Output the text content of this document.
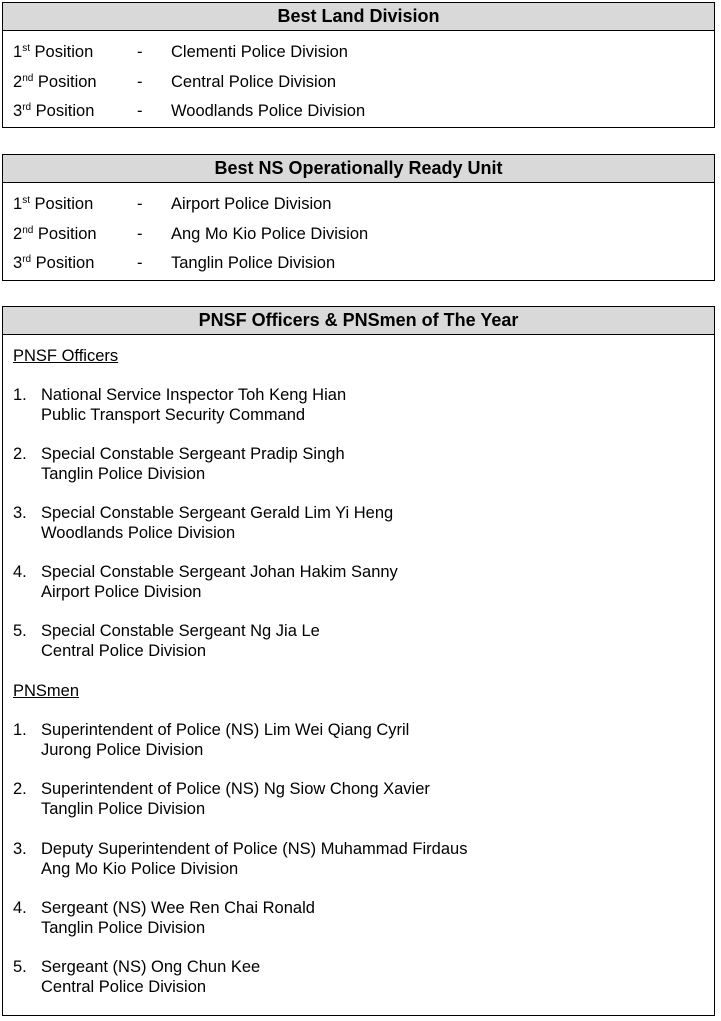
Best Land Division
1st Position	- Clementi Police Division
2nd Position - Central Police Division
3rd Position	- Woodlands Police Division
Best NS Operationally Ready Unit
1st Position	- Airport Police Division
2nd Position - Ang Mo Kio Police Division
3rd Position	- Tanglin Police Division
PNSF Officers & PNSmen of The Year
PNSF Officers
1. National Service Inspector Toh Keng Hian
Public Transport Security Command
2. Special Constable Sergeant Pradip Singh
Tanglin Police Division
3. Special Constable Sergeant Gerald Lim Yi Heng
Woodlands Police Division
4. Special Constable Sergeant Johan Hakim Sanny
Airport Police Division
5. Special Constable Sergeant Ng Jia Le
Central Police Division
PNSmen
1. Superintendent of Police (NS) Lim Wei Qiang Cyril
Jurong Police Division
2. Superintendent of Police (NS) Ng Siow Chong Xavier
Tanglin Police Division
3. Deputy Superintendent of Police (NS) Muhammad Firdaus
Ang Mo Kio Police Division
4. Sergeant (NS) Wee Ren Chai Ronald
Tanglin Police Division
5. Sergeant (NS) Ong Chun Kee
Central Police Division
